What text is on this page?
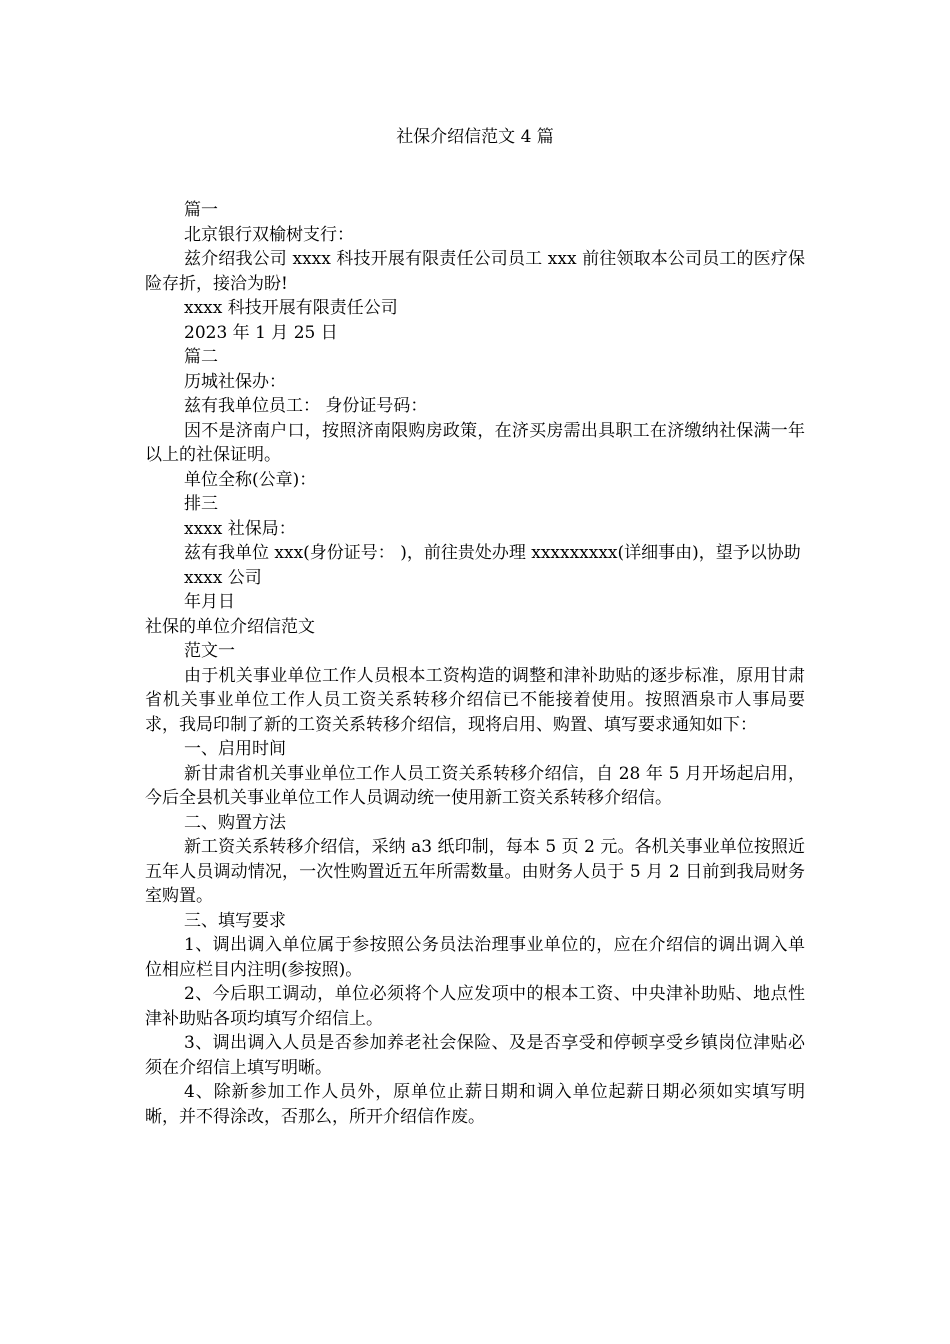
社保介绍信范文 4 篇

篇一

北京银行双榆树支行：

兹介绍我公司 xxxx 科技开展有限责任公司员工 xxx 前往领取本公司员工的医疗保险存折，接洽为盼!

xxxx 科技开展有限责任公司

2023 年 1 月 25 日

篇二

历城社保办：

兹有我单位员工： 身份证号码：

因不是济南户口，按照济南限购房政策，在济买房需出具职工在济缴纳社保满一年以上的社保证明。

单位全称(公章)：

排三

xxxx 社保局：

兹有我单位 xxx(身份证号： )，前往贵处办理 xxxxxxxxx(详细事由)，望予以协助

xxxx 公司

年月日

社保的单位介绍信范文

范文一

由于机关事业单位工作人员根本工资构造的调整和津补助贴的逐步标准，原用甘肃省机关事业单位工作人员工资关系转移介绍信已不能接着使用。按照酒泉市人事局要求，我局印制了新的工资关系转移介绍信，现将启用、购置、填写要求通知如下：

一、启用时间

新甘肃省机关事业单位工作人员工资关系转移介绍信，自 28 年 5 月开场起启用，今后全县机关事业单位工作人员调动统一使用新工资关系转移介绍信。

二、购置方法

新工资关系转移介绍信，采纳 a3 纸印制，每本 5 页 2 元。各机关事业单位按照近五年人员调动情况，一次性购置近五年所需数量。由财务人员于 5 月 2 日前到我局财务室购置。

三、填写要求

1、调出调入单位属于参按照公务员法治理事业单位的，应在介绍信的调出调入单位相应栏目内注明(参按照)。

2、今后职工调动，单位必须将个人应发项中的根本工资、中央津补助贴、地点性津补助贴各项均填写介绍信上。

3、调出调入人员是否参加养老社会保险、及是否享受和停顿享受乡镇岗位津贴必须在介绍信上填写明晰。

4、除新参加工作人员外，原单位止薪日期和调入单位起薪日期必须如实填写明晰，并不得涂改，否那么，所开介绍信作废。
